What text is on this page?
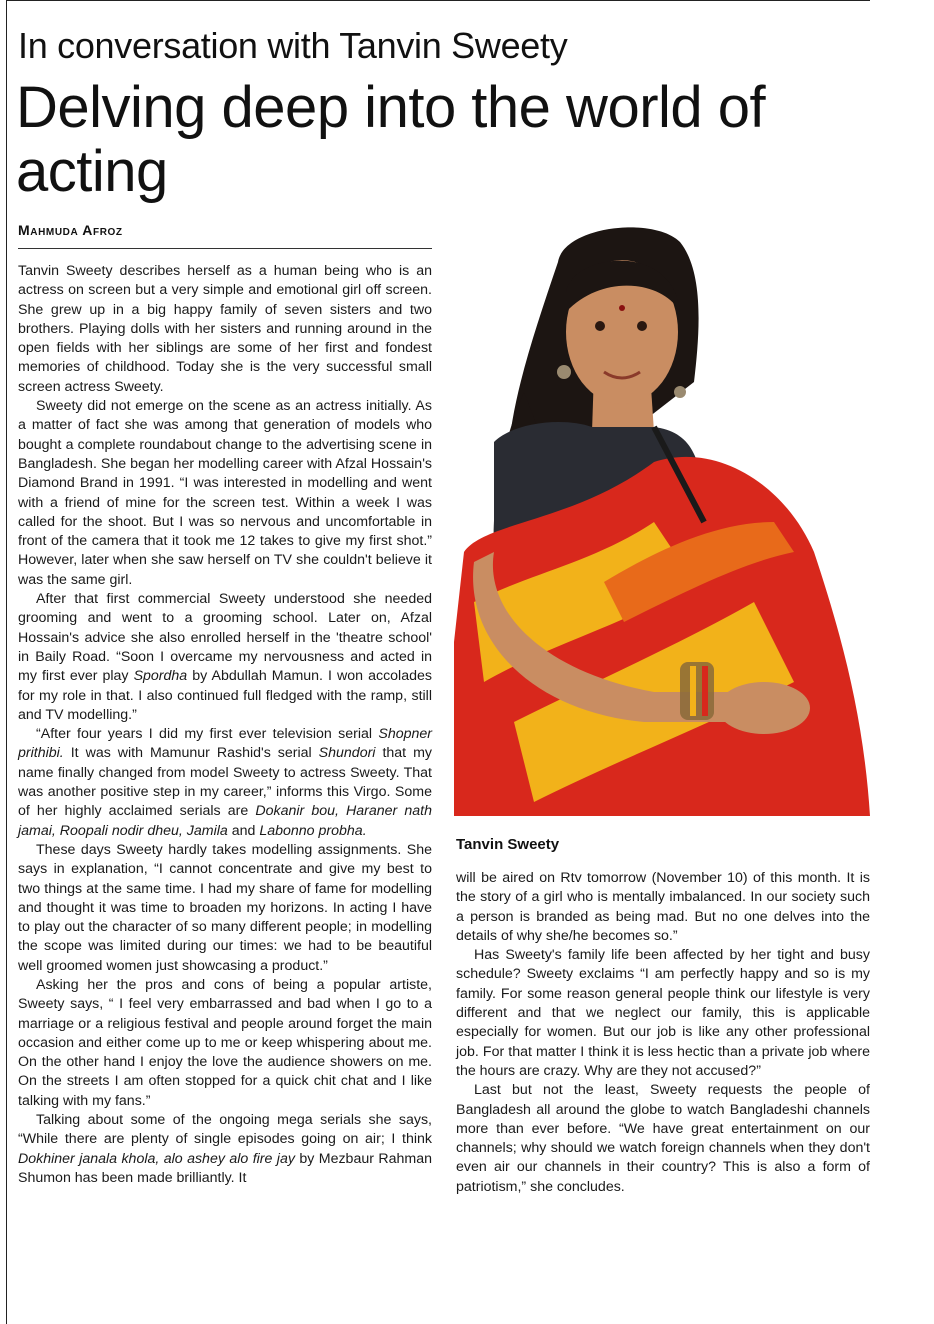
In conversation with Tanvin Sweety
Delving deep into the world of acting
Mahmuda Afroz

Tanvin Sweety describes herself as a human being who is an actress on screen but a very simple and emotional girl off screen. She grew up in a big happy family of seven sisters and two brothers. Playing dolls with her sisters and running around in the open fields with her siblings are some of her first and fondest memories of childhood. Today she is the very successful small screen actress Sweety.

Sweety did not emerge on the scene as an actress initially. As a matter of fact she was among that generation of models who bought a complete roundabout change to the advertising scene in Bangladesh. She began her modelling career with Afzal Hossain's Diamond Brand in 1991. “I was interested in modelling and went with a friend of mine for the screen test. Within a week I was called for the shoot. But I was so nervous and uncomfortable in front of the camera that it took me 12 takes to give my first shot.” However, later when she saw herself on TV she couldn't believe it was the same girl.

After that first commercial Sweety understood she needed grooming and went to a grooming school. Later on, Afzal Hossain's advice she also enrolled herself in the 'theatre school' in Baily Road. “Soon I overcame my nervousness and acted in my first ever play Spordha by Abdullah Mamun. I won accolades for my role in that. I also continued full fledged with the ramp, still and TV modelling.”

“After four years I did my first ever television serial Shopner prithibi. It was with Mamunur Rashid's serial Shundori that my name finally changed from model Sweety to actress Sweety. That was another positive step in my career,” informs this Virgo. Some of her highly acclaimed serials are Dokanir bou, Haraner nath jamai, Roopali nodir dheu, Jamila and Labonno probha.

These days Sweety hardly takes modelling assignments. She says in explanation, “I cannot concentrate and give my best to two things at the same time. I had my share of fame for modelling and thought it was time to broaden my horizons. In acting I have to play out the character of so many different people; in modelling the scope was limited during our times: we had to be beautiful well groomed women just showcasing a product.”

Asking her the pros and cons of being a popular artiste, Sweety says, “ I feel very embarrassed and bad when I go to a marriage or a religious festival and people around forget the main occasion and either come up to me or keep whispering about me. On the other hand I enjoy the love the audience showers on me. On the streets I am often stopped for a quick chit chat and I like talking with my fans.”

Talking about some of the ongoing mega serials she says, “While there are plenty of single episodes going on air; I think Dokhiner janala khola, alo ashey alo fire jay by Mezbaur Rahman Shumon has been made brilliantly. It

Tanvin Sweety

will be aired on Rtv tomorrow (November 10) of this month. It is the story of a girl who is mentally imbalanced. In our society such a person is branded as being mad. But no one delves into the details of why she/he becomes so.”

Has Sweety's family life been affected by her tight and busy schedule? Sweety exclaims “I am perfectly happy and so is my family. For some reason general people think our lifestyle is very different and that we neglect our family, this is applicable especially for women. But our job is like any other professional job. For that matter I think it is less hectic than a private job where the hours are crazy. Why are they not accused?”

Last but not the least, Sweety requests the people of Bangladesh all around the globe to watch Bangladeshi channels more than ever before. “We have great entertainment on our channels; why should we watch foreign channels when they don't even air our channels in their country? This is also a form of patriotism,” she concludes.
